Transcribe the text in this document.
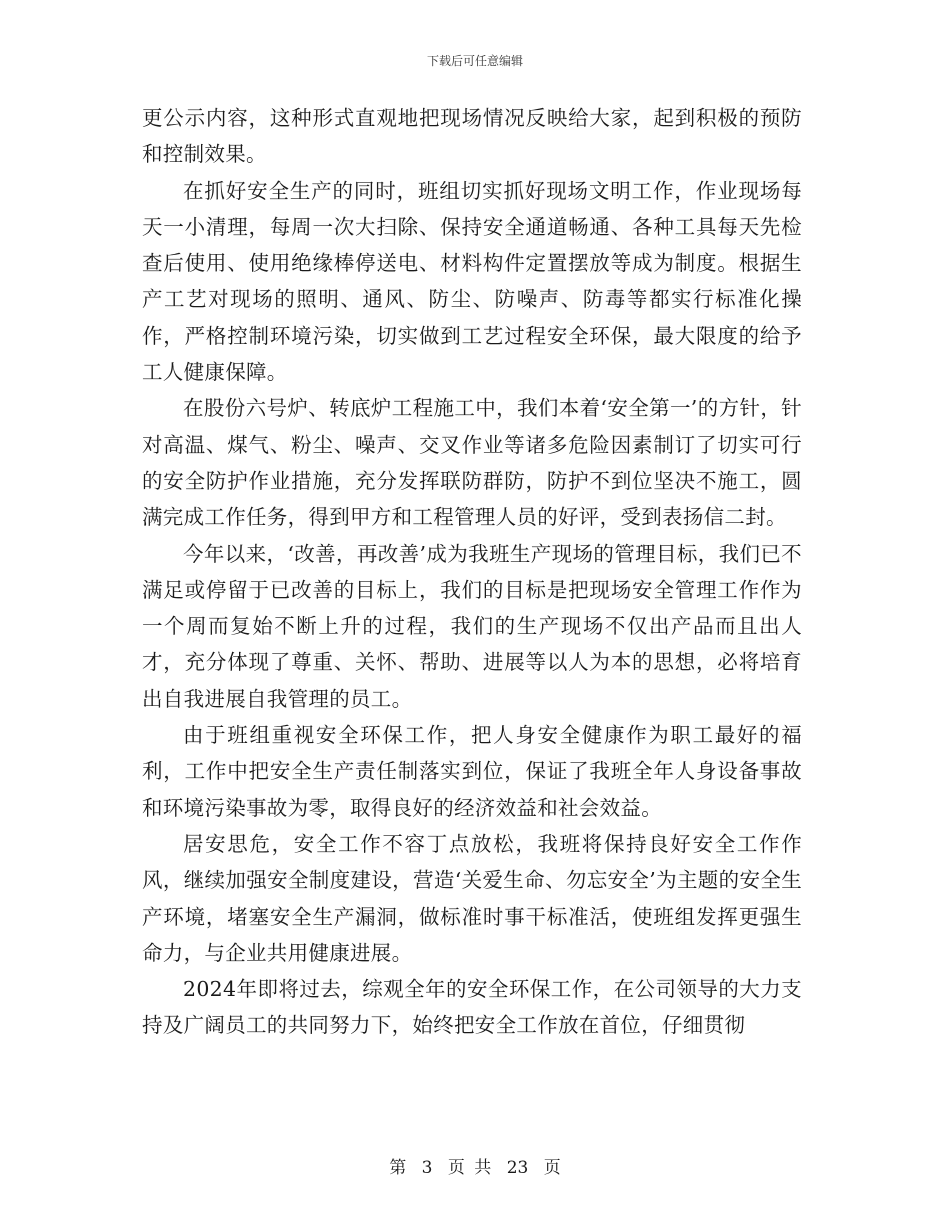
下载后可任意编辑

更公示内容，这种形式直观地把现场情况反映给大家，起到积极的预防和控制效果。

在抓好安全生产的同时，班组切实抓好现场文明工作，作业现场每天一小清理，每周一次大扫除、保持安全通道畅通、各种工具每天先检查后使用、使用绝缘棒停送电、材料构件定置摆放等成为制度。根据生产工艺对现场的照明、通风、防尘、防噪声、防毒等都实行标准化操作，严格控制环境污染，切实做到工艺过程安全环保，最大限度的给予工人健康保障。

在股份六号炉、转底炉工程施工中，我们本着‘安全第一’的方针，针对高温、煤气、粉尘、噪声、交叉作业等诸多危险因素制订了切实可行的安全防护作业措施，充分发挥联防群防，防护不到位坚决不施工，圆满完成工作任务，得到甲方和工程管理人员的好评，受到表扬信二封。

今年以来，‘改善，再改善’成为我班生产现场的管理目标，我们已不满足或停留于已改善的目标上，我们的目标是把现场安全管理工作作为一个周而复始不断上升的过程，我们的生产现场不仅出产品而且出人才，充分体现了尊重、关怀、帮助、进展等以人为本的思想，必将培育出自我进展自我管理的员工。

由于班组重视安全环保工作，把人身安全健康作为职工最好的福利，工作中把安全生产责任制落实到位，保证了我班全年人身设备事故和环境污染事故为零，取得良好的经济效益和社会效益。

居安思危，安全工作不容丁点放松，我班将保持良好安全工作作风，继续加强安全制度建设，营造‘关爱生命、勿忘安全’为主题的安全生产环境，堵塞安全生产漏洞，做标准时事干标准活，使班组发挥更强生命力，与企业共用健康进展。

2024年即将过去，综观全年的安全环保工作，在公司领导的大力支持及广阔员工的共同努力下，始终把安全工作放在首位，仔细贯彻

第 3 页 共 23 页
